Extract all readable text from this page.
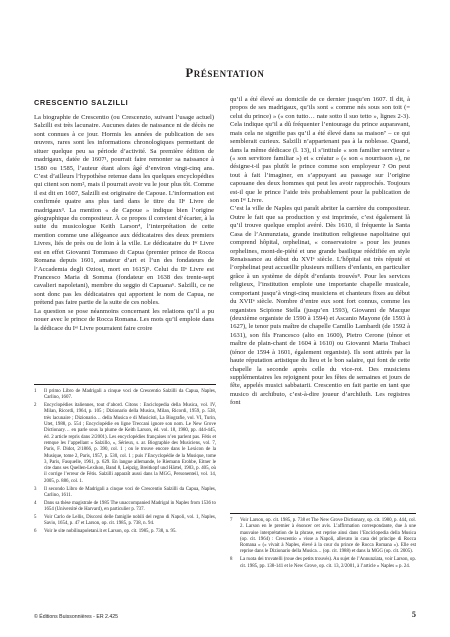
Présentation
CRESCENTIO SALZILLI

La biographie de Crescentio (ou Crescenzio, suivant l’usage actuel) Salzilli est très lacunaire. Aucunes dates de naissance ni de décès ne sont connues à ce jour. Hormis les années de publication de ses œuvres, rares sont les informations chronologiques permettant de situer quelque peu sa période d’activité. Sa première édition de madrigaux, datée de 1607¹, pourrait faire remonter sa naissance à 1580 ou 1585, l’auteur étant alors âgé d’environ vingt-cinq ans. C’est d’ailleurs l’hypothèse retenue dans les quelques encyclopédies qui citent son nom², mais il pourrait avoir vu le jour plus tôt. Comme il est dit en 1607, Salzilli est originaire de Capoue. L’information est confirmée quatre ans plus tard dans le titre du IIᵉ Livre de madrigaux³. La mention « de Capoue » indique bien l’origine géographique du compositeur. À ce propos il convient d’écarter, à la suite du musicologue Keith Larson⁴, l’interprétation de cette mention comme une allégeance aux dédicataires des deux premiers Livres, liés de près ou de loin à la ville. Le dédicataire du Iᵉʳ Livre est en effet Giovanni Tommaso di Capua (premier prince de Rocca Romana depuis 1601, amateur d’art et l’un des fondateurs de l’Accademia degli Oziosi, mort en 1615)⁵. Celui du IIᵉ Livre est Francesco Maria di Somma (fondateur en 1638 des trente-sept cavalieri napoletani), membre du seggio di Capuana⁶. Salzilli, ce ne sont donc pas les dédicataires qui apportent le nom de Capua, ne prétend pas faire partie de la suite de ces nobles.

La question se pose néanmoins concernant les relations qu’il a pu nouer avec le prince de Rocca Romana. Les mots qu’il emploie dans la dédicace du Iᵉʳ Livre pourraient faire croire

qu’il a été élevé au domicile de ce dernier jusqu’en 1607. Il dit, à propos de ses madrigaux, qu’ils sont « comme nés sous son toit (= celui du prince) » (« con tutto… nate sotto il suo tetto », lignes 2-3). Cela indique qu’il a dû fréquenter l’entourage du prince auparavant, mais cela ne signifie pas qu’il a été élevé dans sa maison⁷ – ce qui semblerait curieux. Salzilli n’appartenant pas à la noblesse. Quand, dans la même dédicace (l. 13), il s’intitule « son familier serviteur » (« son servitore familiar ») et « créatur » (« son « nourrisson »), ne désigne-t-il pas plutôt le prince comme son employeur ? On peut tout à fait l’imaginer, en s’appuyant au passage sur l’origine capouane des deux hommes qui peut les avoir rapprochés. Toujours est-il que le prince l’aide très probablement pour la publication de son Iᵉʳ Livre.

C’est la ville de Naples qui paraît abriter la carrière du compositeur. Outre le fait que sa production y est imprimée, c’est également là qu’il trouve quelque emploi avéré. Dès 1610, il fréquente la Santa Casa de l’Annunziata, grande institution religieuse napolitaine qui comprend hôpital, orphelinat, « conservatoire » pour les jeunes orphelines, mont-de-piété et une grande basilique réédifiée en style Renaissance au début du XVIᵉ siècle. L’hôpital est très réputé et l’orphelinat peut accueillir plusieurs milliers d’enfants, en particulier grâce à un système de dépôt d’enfants trouvés⁸. Pour les services religieux, l’institution emploie une importante chapelle musicale, comportant jusqu’à vingt-cinq musiciens et chanteurs fixes au début du XVIIᵉ siècle. Nombre d’entre eux sont fort connus, comme les organistes Scipione Stella (jusqu’en 1593), Giovanni de Macque (deuxième organiste de 1590 à 1594) et Ascanio Mayone (de 1593 à 1627), le tenor puis maître de chapelle Camillo Lambardi (de 1592 à 1631), son fils Francesco (alto en 1600), Pietro Cerone (ténor et maître de plain-chant de 1604 à 1610) ou Giovanni Maria Trabaci (ténor de 1594 à 1601, également organiste). Ils sont attirés par la haute réputation artistique du lieu et le bon salaire, qui font de cette chapelle la seconde après celle du vice-roi. Des musiciens supplémentaires les rejoignent pour les fêtes de semaines et jours de fête, appelés musici sabbatarii. Crescentio en fait partie en tant que musico di archibuto, c’est-à-dire joueur d’archiluth. Les registres font

1	Il primo Libro de Madrigali a cinque voci de Crescentio Salzilli da Capua, Naples, Carlino, 1607.
2	Encyclopédies italiennes, tout d’abord. Citons : Enciclopedia della Musica, vol. IV, Milan, Ricordi, 1964, p. 105 ; Dizionario della Musica, Milan, Ricordi, 1959, p. 538, très lacunaire ; Dizionario… della Musica e di Musicisti, La Biografie, vol. VI, Turin, Utet, 1988, p. 554 ; Encyclopédie en ligne Treccani ignore son nom. Le New Grove Dictionary… en parle sous la plume de Keith Larson, éd. vol. 18, 1980, pp. 444-445, éd. 2 article repris dans 2/2001). Les encyclopédies françaises n’en parlent pas. Fétis et remque les l’appellant « Salzillo, », Sérieux, s. ar. Biographie des Musiciens, vol. 7, Paris, F. Didot, 2/1866, p. 390, col. 1 ; on le trouve encore dans le Lexicon de la Musique, tome 2, Paris, 1957, p. 530, col. 1 ; puis l’Encyclopédie de la Musique, tome 3, Paris, Fasquelle, 1961, p. 629. En langue allemande, le Riemann Erohbe, Eitner le cite dans ses Quellen-Lexikon, Band 8, Leipzig, Breitkopf und Härtel, 1903, p. 405, où il corrige l’erreur de Fétis. Salzilli apparaît aussi dans la MGG, Personenteil, vol. 14, 2005, p. 886, col. 1.
3	Il secondo Libro de Madrigali a cinque voci de Crescentio Salzilli da Capua, Naples, Carlino, 1611.
4	Dans sa thèse magistrale de 1985 The unaccompanied Madrigal in Naples from 1536 to 1654 (Université de Harvard), en particulier p. 737.
5	Voir Carlo de Lellis, Discorsi delle famiglie nobili del regno di Napoli, vol. 1, Naples, Savio, 1654, p. 47 et Larson, op. cit. 1985, p. 738, n. 94.
6	Voir le site nobilinapoletani.it et Larson, op. cit. 1985, p. 738, n. 95.
7	Voir Larson, op. cit. 1985, p. 738 et The New Grove Dictionary, op. cit. 1980, p. 444, col. 2. Larson en le premier à énoncer cet avis. L’affirmation correspondante, due à une mauvaise interprétation de la phrase, est reprise ainsi dans l’Enciclopedia della Musica (op. cit. 1964) : Crescentio « visse a Napoli, allevato in casa del principe di Rocca Romana » (« vivait à Naples, élevé à la cour du prince de Rocca Romana »). Elle est reprise dans le Dizionario della Musica… (op. cit. 1988) et dans la MGG (op. cit. 2005).
8	La ruota dei trovatelli (roue des petits trouvés). Au sujet de l’Annunziata, voir Larson, op. cit. 1985, pp. 138-141 et le New Grove, op. cit. 13, 2/2001, à l’article « Naples » p. 24.
© Éditions Buissonnières - ER 2.425	5
